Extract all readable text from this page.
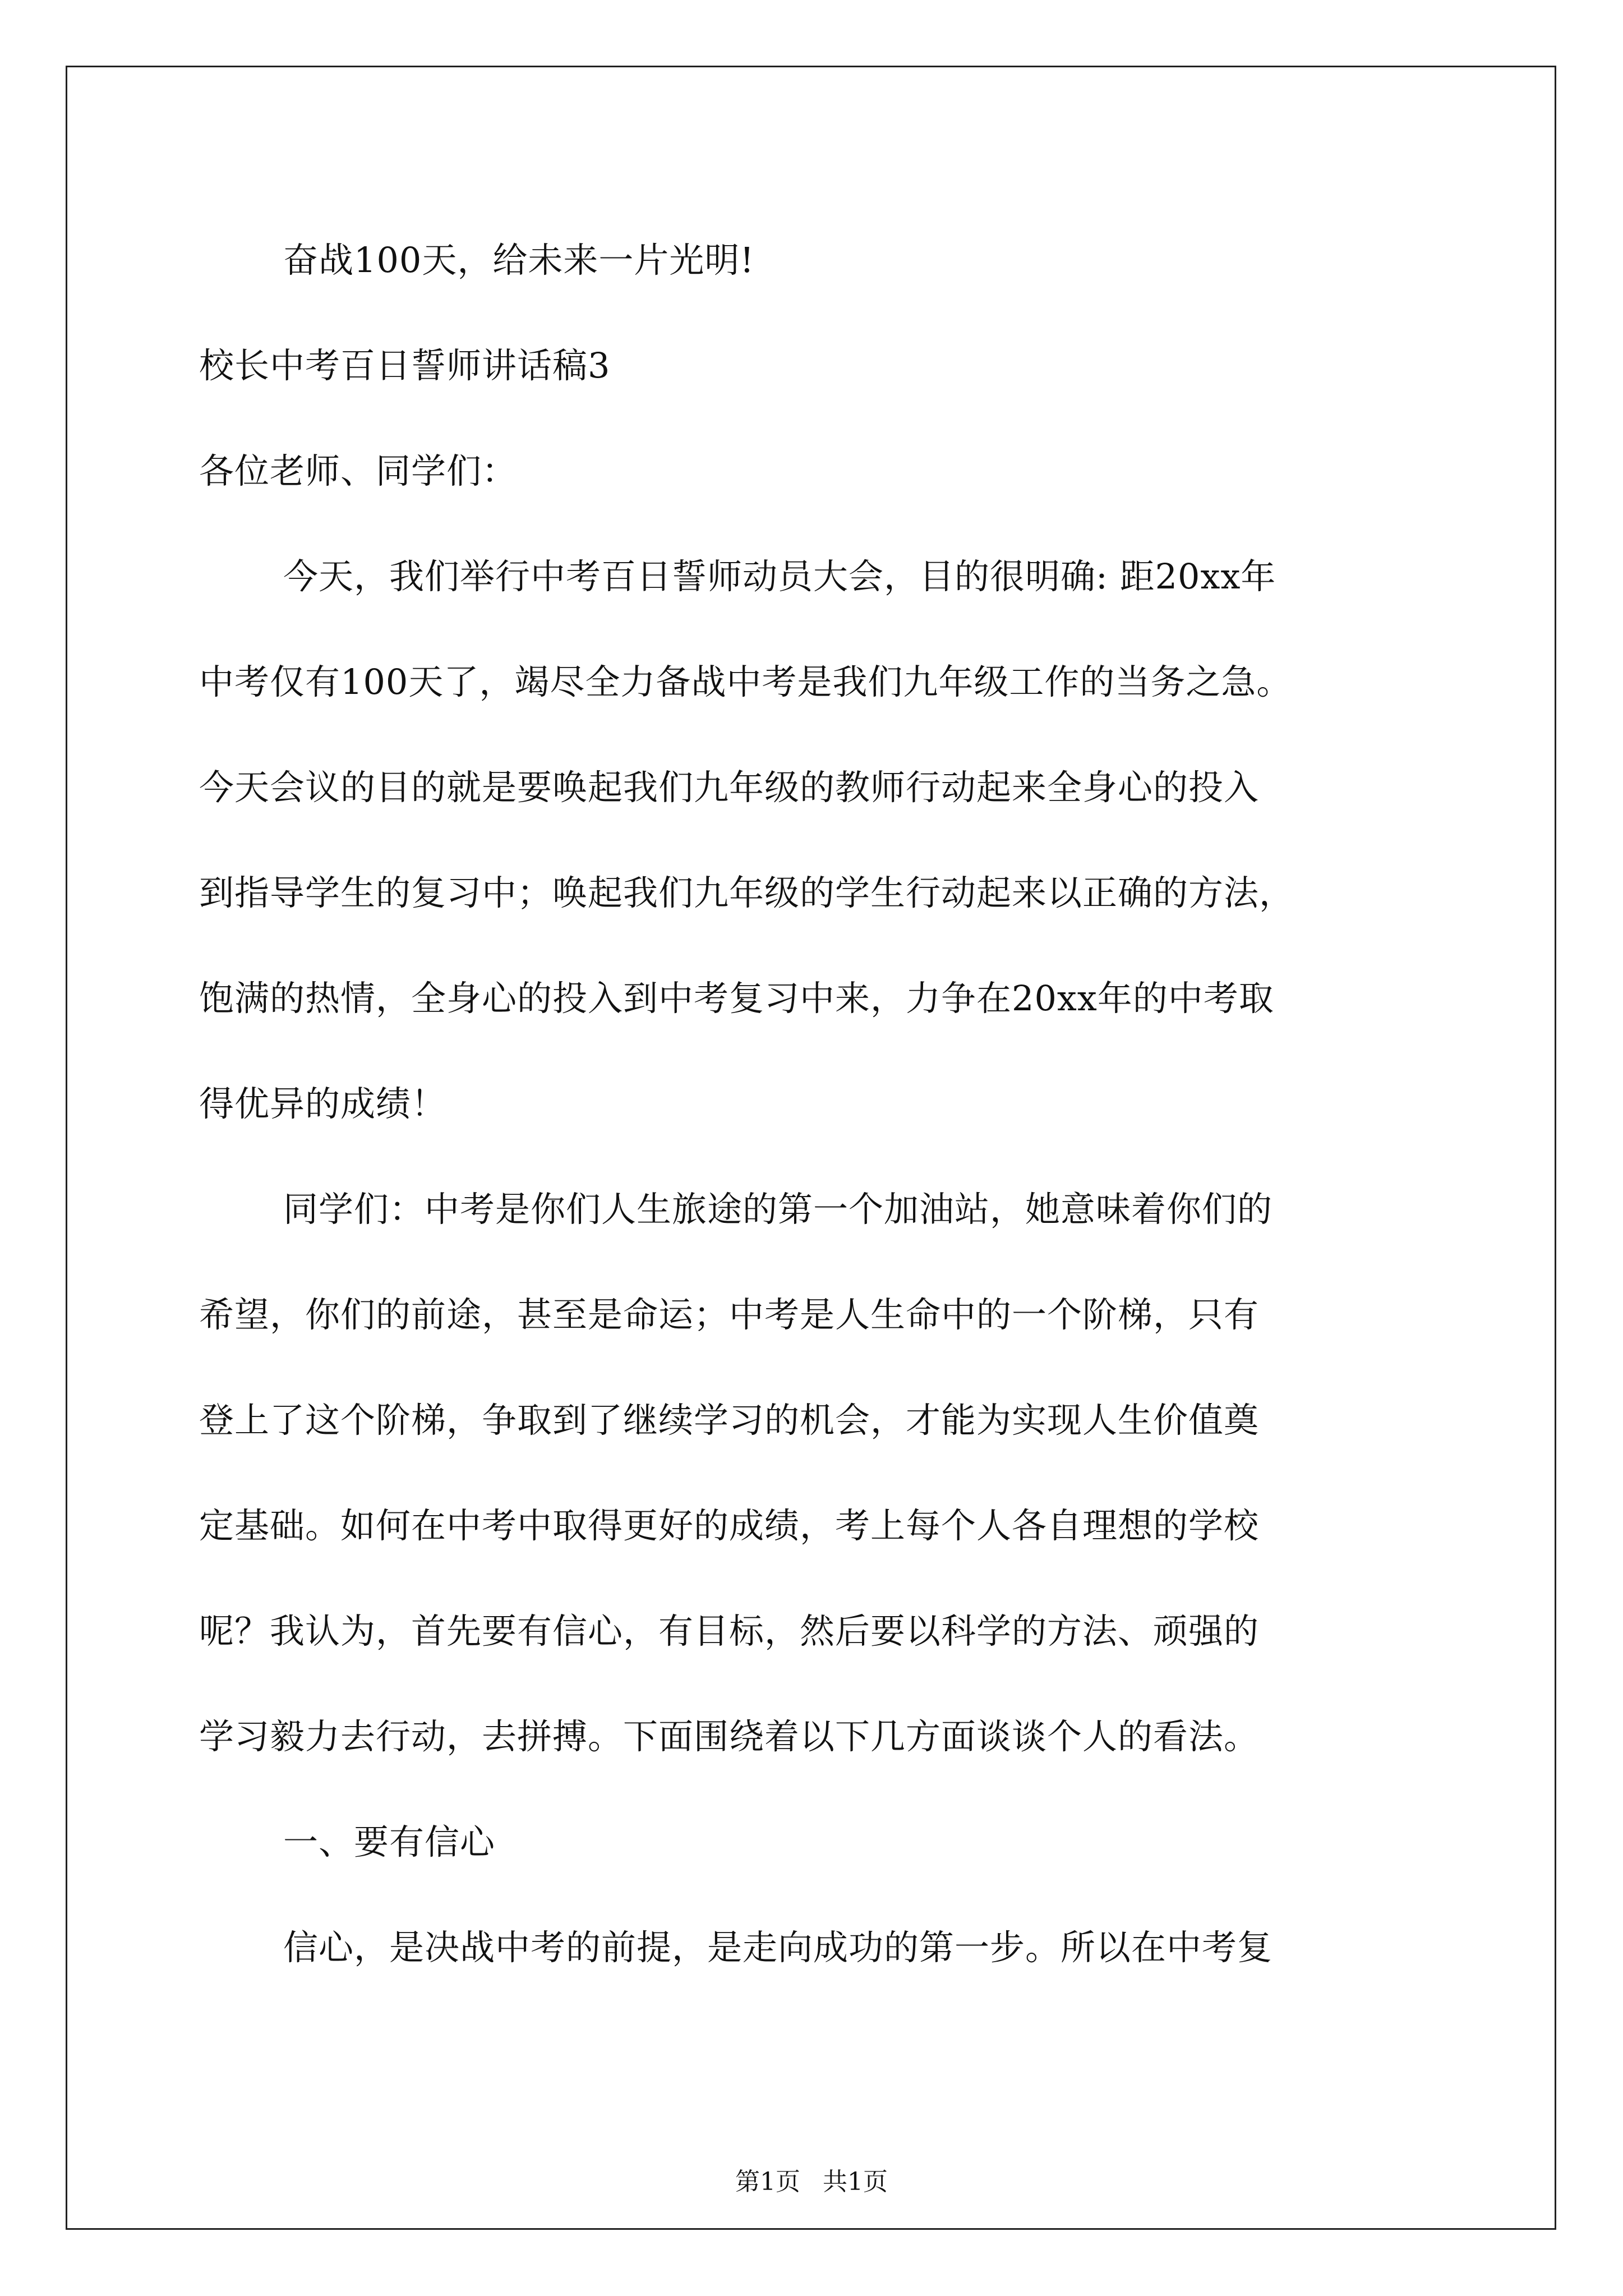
奋战100天，给未来一片光明!
校长中考百日誓师讲话稿3
各位老师、同学们：
今天，我们举行中考百日誓师动员大会，目的很明确: 距20xx年
中考仅有100天了，竭尽全力备战中考是我们九年级工作的当务之急。
今天会议的目的就是要唤起我们九年级的教师行动起来全身心的投入
到指导学生的复习中；唤起我们九年级的学生行动起来以正确的方法，
饱满的热情，全身心的投入到中考复习中来，力争在20xx年的中考取
得优异的成绩！
同学们：中考是你们人生旅途的第一个加油站，她意味着你们的
希望，你们的前途，甚至是命运；中考是人生命中的一个阶梯，只有
登上了这个阶梯，争取到了继续学习的机会，才能为实现人生价值奠
定基础。如何在中考中取得更好的成绩，考上每个人各自理想的学校
呢？我认为，首先要有信心，有目标，然后要以科学的方法、顽强的
学习毅力去行动，去拼搏。下面围绕着以下几方面谈谈个人的看法。
一、要有信心
信心，是决战中考的前提，是走向成功的第一步。所以在中考复
第1页 共1页
